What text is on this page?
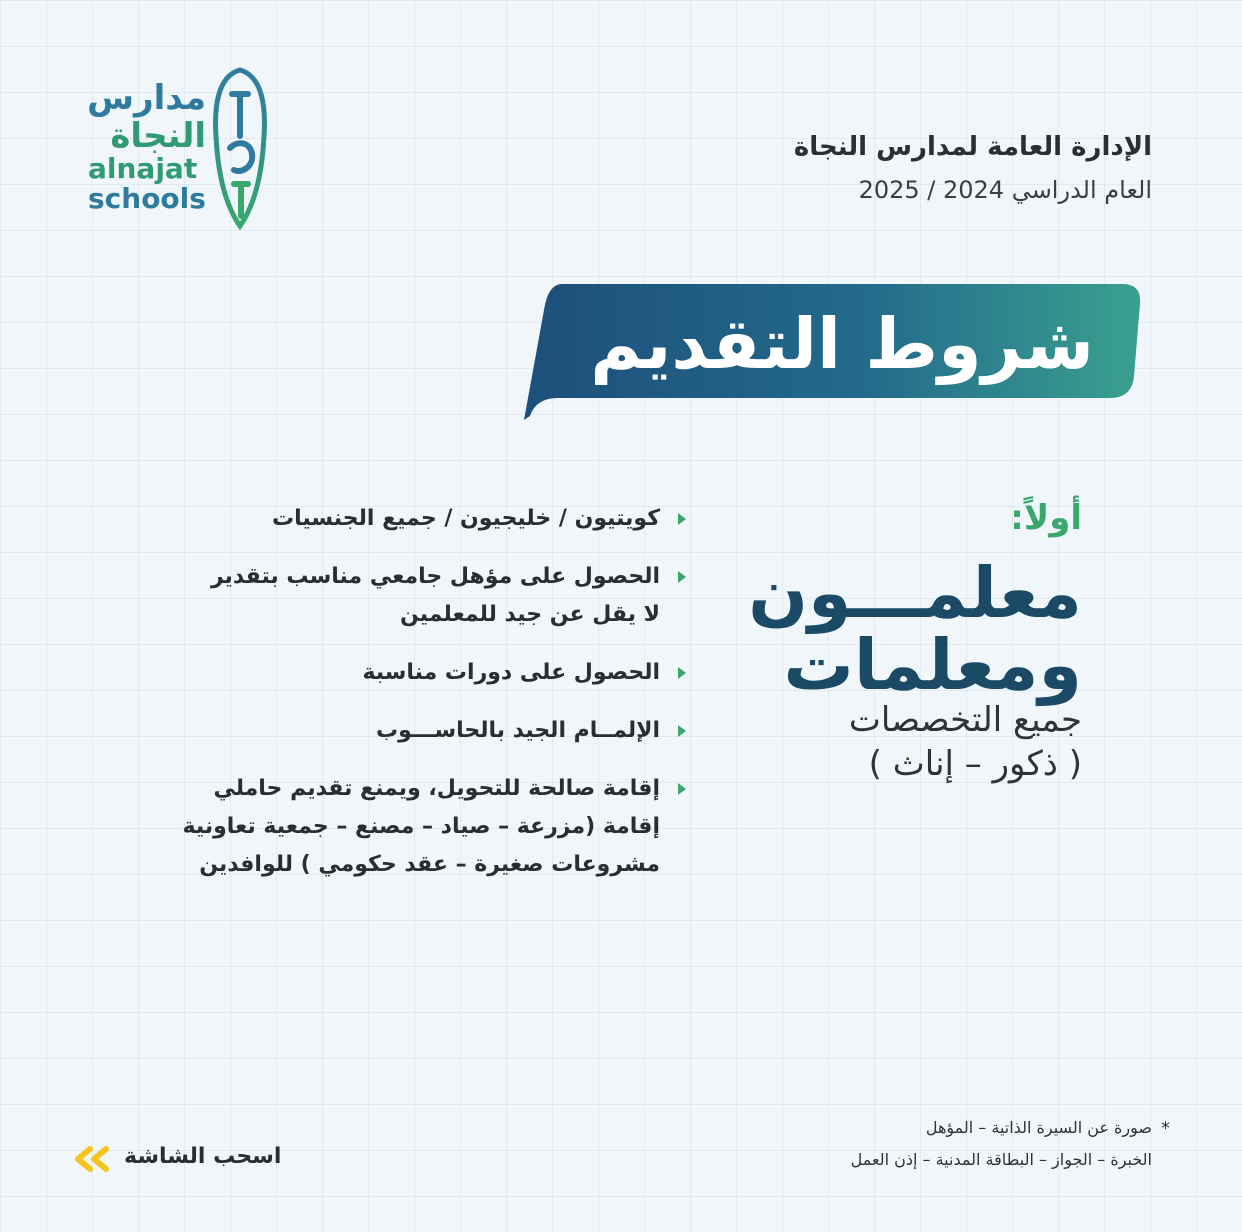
مدارس
النجاة
alnajat
schools
الإدارة العامة لمدارس النجاة
العام الدراسي 2024 / 2025
شروط التقديم
أولاً:
معلمـــون
ومعلمات
جميع التخصصات
( ذكور – إناث )
كويتيون / خليجيون / جميع الجنسيات
الحصول على مؤهل جامعي مناسب بتقدير
لا يقل عن جيد للمعلمين
الحصول على دورات مناسبة
الإلمــام الجيد بالحاســـوب
إقامة صالحة للتحويل، ويمنع تقديم حاملي
إقامة (مزرعة – صياد – مصنع – جمعية تعاونية
مشروعات صغيرة – عقد حكومي ) للوافدين
*
صورة عن السيرة الذاتية – المؤهل
الخبرة – الجواز – البطاقة المدنية – إذن العمل
اسحب الشاشة
